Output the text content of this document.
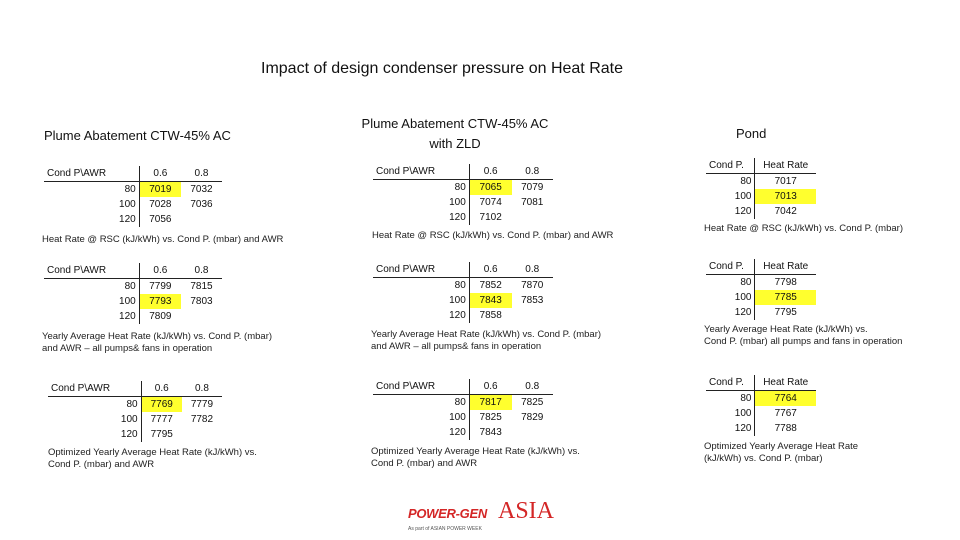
Impact of design condenser pressure on Heat Rate
Plume Abatement CTW-45% AC
Plume Abatement CTW-45% AC
with ZLD
Pond
Cond P\AWR	0.6	0.8
80	7019	7032
100	7028	7036
120	7056	
Heat Rate @ RSC (kJ/kWh) vs. Cond P. (mbar) and AWR
Cond P\AWR	0.6	0.8
80	7799	7815
100	7793	7803
120	7809	
Yearly Average Heat Rate (kJ/kWh) vs. Cond P. (mbar)
and AWR – all pumps& fans in operation
Cond P\AWR	0.6	0.8
80	7769	7779
100	7777	7782
120	7795	
Optimized Yearly Average Heat Rate (kJ/kWh) vs.
Cond P. (mbar) and AWR
Cond P\AWR	0.6	0.8
80	7065	7079
100	7074	7081
120	7102	
Heat Rate @ RSC (kJ/kWh) vs. Cond P. (mbar) and AWR
Cond P\AWR	0.6	0.8
80	7852	7870
100	7843	7853
120	7858	
Yearly Average Heat Rate (kJ/kWh) vs. Cond P. (mbar)
and AWR – all pumps& fans in operation
Cond P\AWR	0.6	0.8
80	7817	7825
100	7825	7829
120	7843	
Optimized Yearly Average Heat Rate (kJ/kWh) vs.
Cond P. (mbar) and AWR
Cond P.	Heat Rate
80	7017
100	7013
120	7042
Heat Rate @ RSC (kJ/kWh) vs. Cond P. (mbar)
Cond P.	Heat Rate
80	7798
100	7785
120	7795
Yearly Average Heat Rate (kJ/kWh) vs.
Cond P. (mbar) all pumps and fans in operation
Cond P.	Heat Rate
80	7764
100	7767
120	7788
Optimized Yearly Average Heat Rate
(kJ/kWh) vs. Cond P. (mbar)
POWER-GEN ASIA
As part of ASIAN POWER WEEK
